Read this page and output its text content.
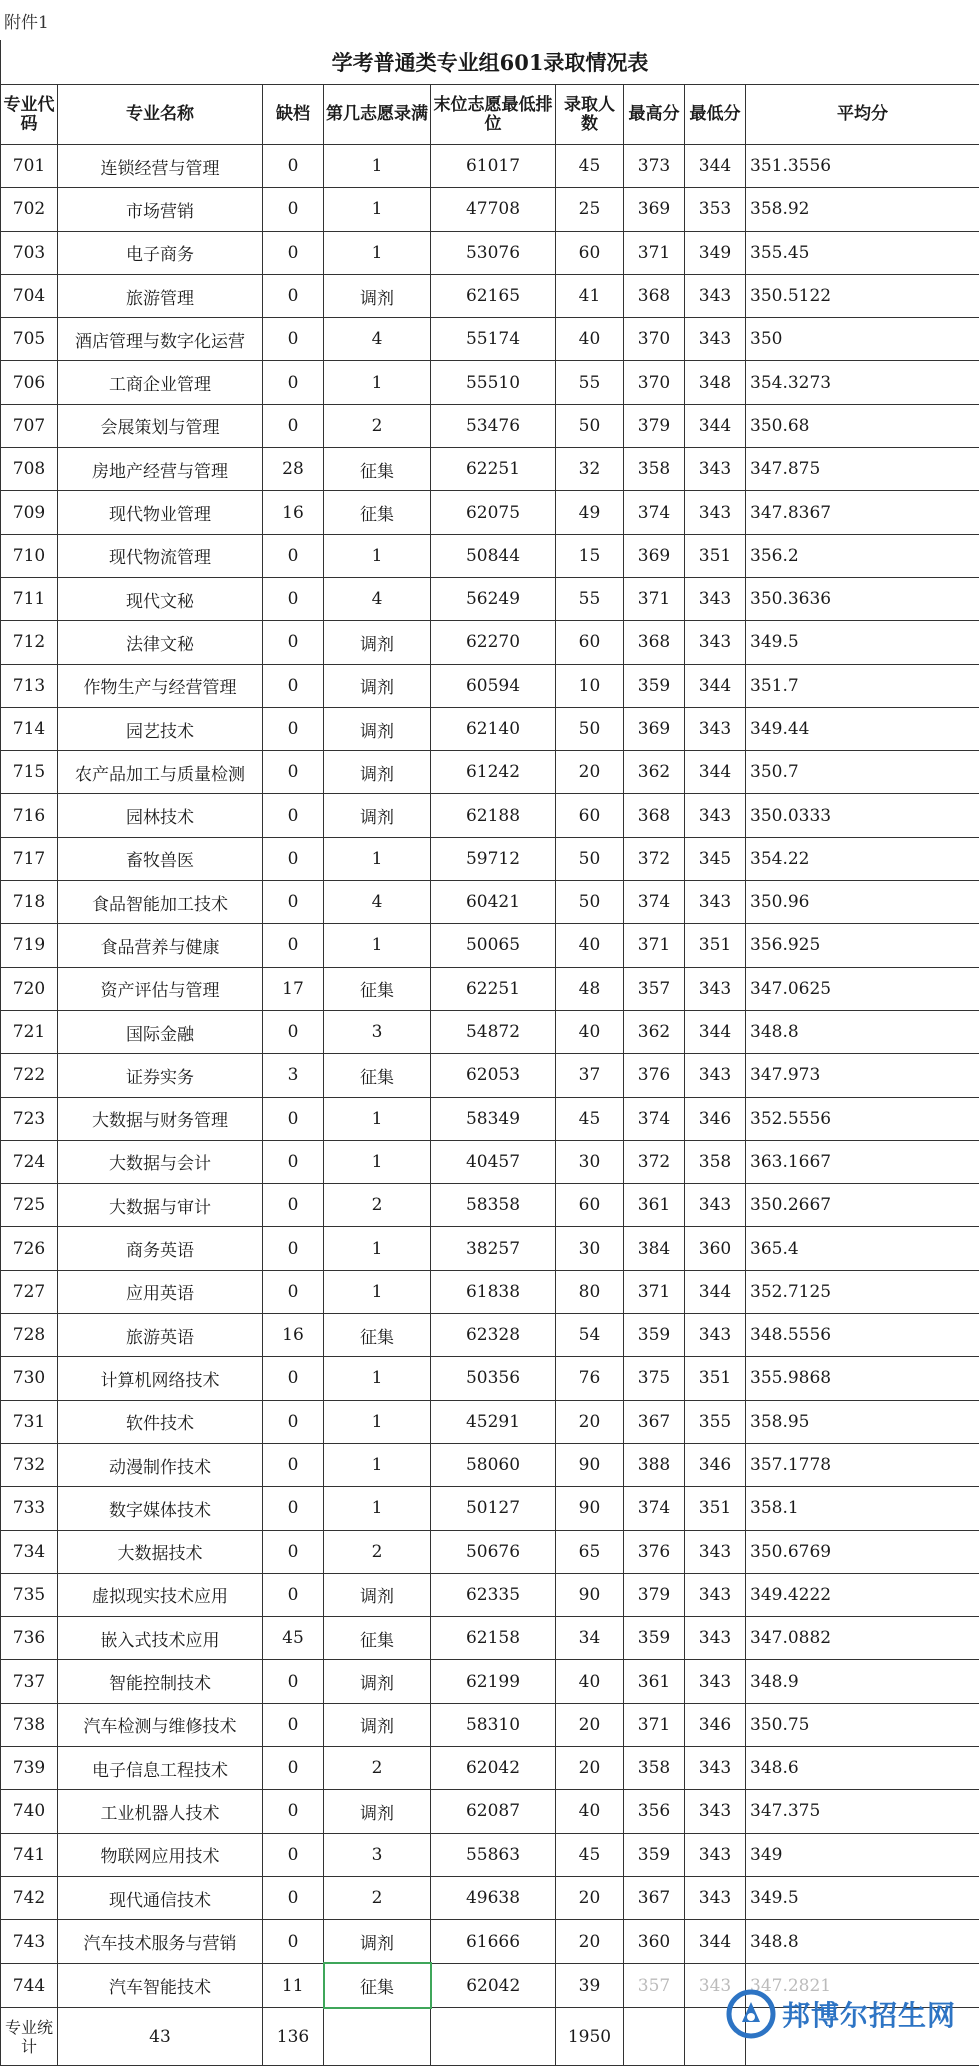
附件1
学考普通类专业组601录取情况表								
专业代码	专业名称	缺档	第几志愿录满	末位志愿最低排位	录取人数	最高分	最低分	平均分
701	连锁经营与管理	0	1	61017	45	373	344	351.3556
702	市场营销	0	1	47708	25	369	353	358.92
703	电子商务	0	1	53076	60	371	349	355.45
704	旅游管理	0	调剂	62165	41	368	343	350.5122
705	酒店管理与数字化运营	0	4	55174	40	370	343	350
706	工商企业管理	0	1	55510	55	370	348	354.3273
707	会展策划与管理	0	2	53476	50	379	344	350.68
708	房地产经营与管理	28	征集	62251	32	358	343	347.875
709	现代物业管理	16	征集	62075	49	374	343	347.8367
710	现代物流管理	0	1	50844	15	369	351	356.2
711	现代文秘	0	4	56249	55	371	343	350.3636
712	法律文秘	0	调剂	62270	60	368	343	349.5
713	作物生产与经营管理	0	调剂	60594	10	359	344	351.7
714	园艺技术	0	调剂	62140	50	369	343	349.44
715	农产品加工与质量检测	0	调剂	61242	20	362	344	350.7
716	园林技术	0	调剂	62188	60	368	343	350.0333
717	畜牧兽医	0	1	59712	50	372	345	354.22
718	食品智能加工技术	0	4	60421	50	374	343	350.96
719	食品营养与健康	0	1	50065	40	371	351	356.925
720	资产评估与管理	17	征集	62251	48	357	343	347.0625
721	国际金融	0	3	54872	40	362	344	348.8
722	证券实务	3	征集	62053	37	376	343	347.973
723	大数据与财务管理	0	1	58349	45	374	346	352.5556
724	大数据与会计	0	1	40457	30	372	358	363.1667
725	大数据与审计	0	2	58358	60	361	343	350.2667
726	商务英语	0	1	38257	30	384	360	365.4
727	应用英语	0	1	61838	80	371	344	352.7125
728	旅游英语	16	征集	62328	54	359	343	348.5556
730	计算机网络技术	0	1	50356	76	375	351	355.9868
731	软件技术	0	1	45291	20	367	355	358.95
732	动漫制作技术	0	1	58060	90	388	346	357.1778
733	数字媒体技术	0	1	50127	90	374	351	358.1
734	大数据技术	0	2	50676	65	376	343	350.6769
735	虚拟现实技术应用	0	调剂	62335	90	379	343	349.4222
736	嵌入式技术应用	45	征集	62158	34	359	343	347.0882
737	智能控制技术	0	调剂	62199	40	361	343	348.9
738	汽车检测与维修技术	0	调剂	58310	20	371	346	350.75
739	电子信息工程技术	0	2	62042	20	358	343	348.6
740	工业机器人技术	0	调剂	62087	40	356	343	347.375
741	物联网应用技术	0	3	55863	45	359	343	349
742	现代通信技术	0	2	49638	20	367	343	349.5
743	汽车技术服务与营销	0	调剂	61666	20	360	344	348.8
744	汽车智能技术	11	征集	62042	39	357	343	347.2821
专业统计	43	136			1950			
邦博尔招生网
